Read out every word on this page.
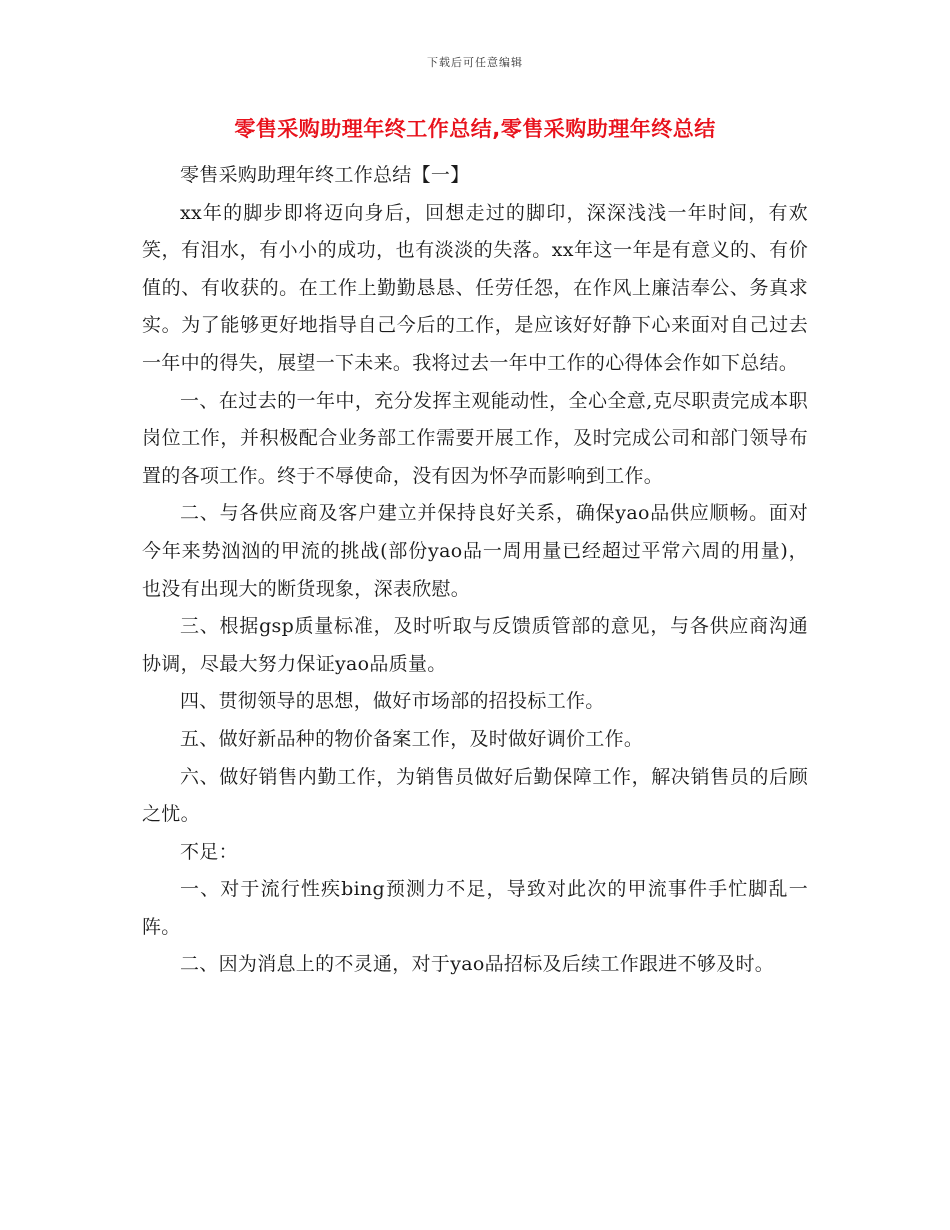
下载后可任意编辑
零售采购助理年终工作总结,零售采购助理年终总结

零售采购助理年终工作总结【一】

xx年的脚步即将迈向身后，回想走过的脚印，深深浅浅一年时间，有欢笑，有泪水，有小小的成功，也有淡淡的失落。xx年这一年是有意义的、有价值的、有收获的。在工作上勤勤恳恳、任劳任怨，在作风上廉洁奉公、务真求实。为了能够更好地指导自己今后的工作，是应该好好静下心来面对自己过去一年中的得失，展望一下未来。我将过去一年中工作的心得体会作如下总结。

一、在过去的一年中，充分发挥主观能动性，全心全意,克尽职责完成本职岗位工作，并积极配合业务部工作需要开展工作，及时完成公司和部门领导布置的各项工作。终于不辱使命，没有因为怀孕而影响到工作。

二、与各供应商及客户建立并保持良好关系，确保yao品供应顺畅。面对今年来势汹汹的甲流的挑战(部份yao品一周用量已经超过平常六周的用量)，也没有出现大的断货现象，深表欣慰。

三、根据gsp质量标准，及时听取与反馈质管部的意见，与各供应商沟通协调，尽最大努力保证yao品质量。

四、贯彻领导的思想，做好市场部的招投标工作。

五、做好新品种的物价备案工作，及时做好调价工作。

六、做好销售内勤工作，为销售员做好后勤保障工作，解决销售员的后顾之忧。

不足：

一、对于流行性疾bing预测力不足，导致对此次的甲流事件手忙脚乱一阵。

二、因为消息上的不灵通，对于yao品招标及后续工作跟进不够及时。
